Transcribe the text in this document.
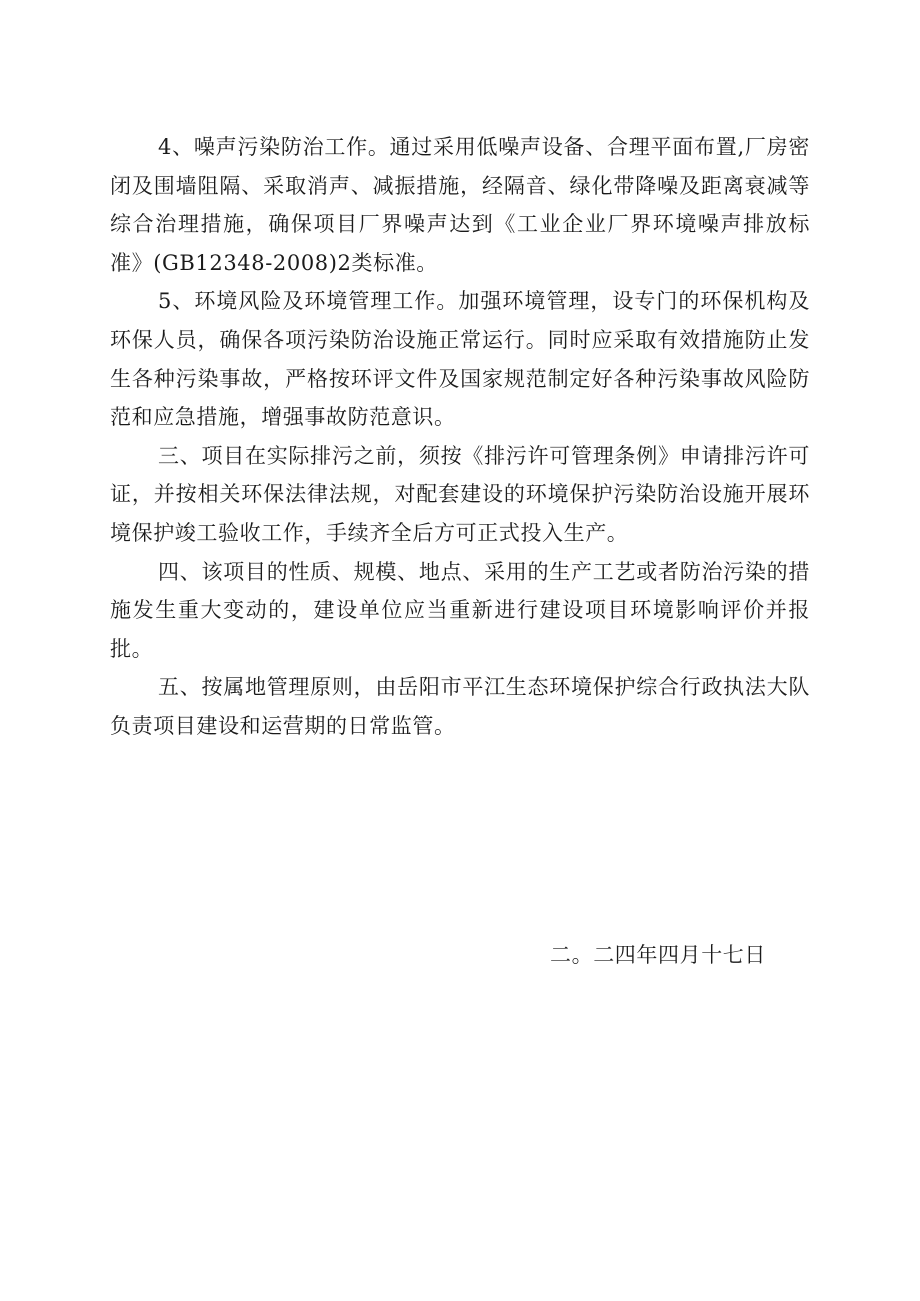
4、噪声污染防治工作。通过采用低噪声设备、合理平面布置,厂房密闭及围墙阻隔、采取消声、减振措施，经隔音、绿化带降噪及距离衰减等综合治理措施，确保项目厂界噪声达到《工业企业厂界环境噪声排放标准》(GB12348-2008)2类标准。

5、环境风险及环境管理工作。加强环境管理，设专门的环保机构及环保人员，确保各项污染防治设施正常运行。同时应采取有效措施防止发生各种污染事故，严格按环评文件及国家规范制定好各种污染事故风险防范和应急措施，增强事故防范意识。

三、项目在实际排污之前，须按《排污许可管理条例》申请排污许可证，并按相关环保法律法规，对配套建设的环境保护污染防治设施开展环境保护竣工验收工作，手续齐全后方可正式投入生产。

四、该项目的性质、规模、地点、采用的生产工艺或者防治污染的措施发生重大变动的，建设单位应当重新进行建设项目环境影响评价并报批。

五、按属地管理原则，由岳阳市平江生态环境保护综合行政执法大队负责项目建设和运营期的日常监管。

二。二四年四月十七日
